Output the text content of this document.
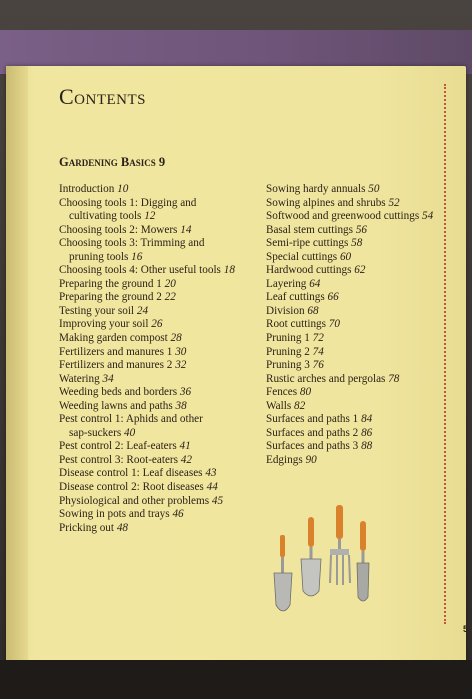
Contents
Gardening Basics 9
Introduction 10
Choosing tools 1: Digging and
cultivating tools 12
Choosing tools 2: Mowers 14
Choosing tools 3: Trimming and
pruning tools 16
Choosing tools 4: Other useful tools 18
Preparing the ground 1 20
Preparing the ground 2 22
Testing your soil 24
Improving your soil 26
Making garden compost 28
Fertilizers and manures 1 30
Fertilizers and manures 2 32
Watering 34
Weeding beds and borders 36
Weeding lawns and paths 38
Pest control 1: Aphids and other
sap-suckers 40
Pest control 2: Leaf-eaters 41
Pest control 3: Root-eaters 42
Disease control 1: Leaf diseases 43
Disease control 2: Root diseases 44
Physiological and other problems 45
Sowing in pots and trays 46
Pricking out 48
Sowing hardy annuals 50
Sowing alpines and shrubs 52
Softwood and greenwood cuttings 54
Basal stem cuttings 56
Semi-ripe cuttings 58
Special cuttings 60
Hardwood cuttings 62
Layering 64
Leaf cuttings 66
Division 68
Root cuttings 70
Pruning 1 72
Pruning 2 74
Pruning 3 76
Rustic arches and pergolas 78
Fences 80
Walls 82
Surfaces and paths 1 84
Surfaces and paths 2 86
Surfaces and paths 3 88
Edgings 90
5
